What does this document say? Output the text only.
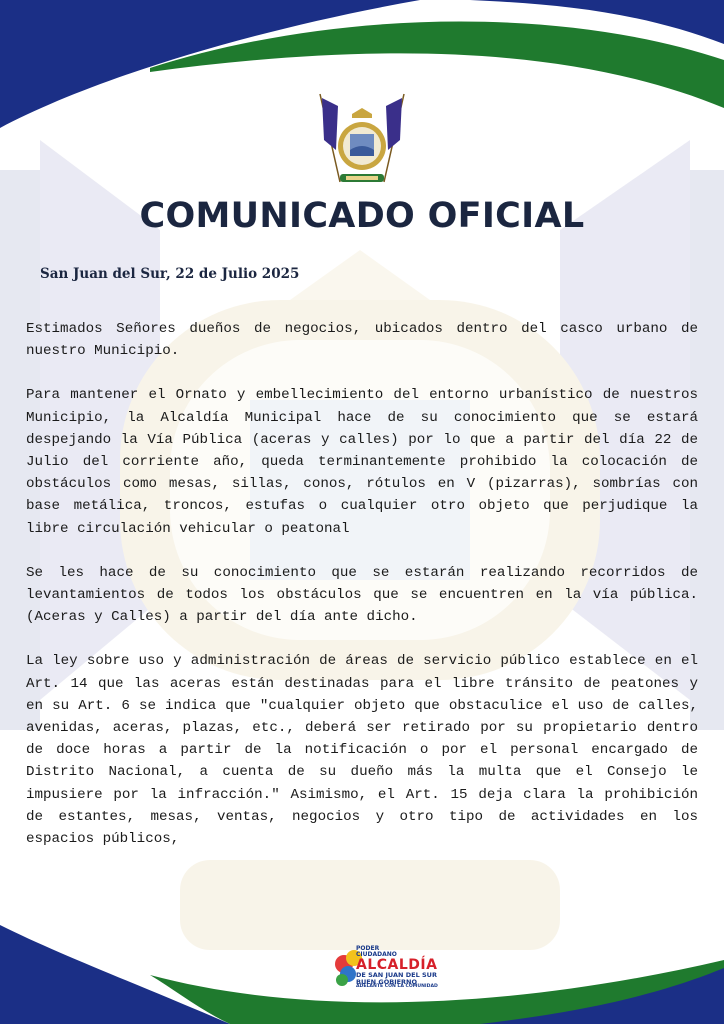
COMUNICADO OFICIAL
San Juan del Sur, 22 de Julio 2025

Estimados Señores dueños de negocios, ubicados dentro del casco urbano de nuestro Municipio.

Para mantener el Ornato y embellecimiento del entorno urbanístico de nuestros Municipio, la Alcaldía Municipal hace de su conocimiento que se estará despejando la Vía Pública (aceras y calles) por lo que a partir del día 22 de Julio del corriente año, queda terminantemente prohibido la colocación de obstáculos como mesas, sillas, conos, rótulos en V (pizarras), sombrías con base metálica, troncos, estufas o cualquier otro objeto que perjudique la libre circulación vehicular o peatonal

Se les hace de su conocimiento que se estarán realizando recorridos de levantamientos de todos los obstáculos que se encuentren en la vía pública. (Aceras y Calles) a partir del día ante dicho.

La ley sobre uso y administración de áreas de servicio público establece en el Art. 14 que las aceras están destinadas para el libre tránsito de peatones y en su Art. 6 se indica que "cualquier objeto que obstaculice el uso de calles, avenidas, aceras, plazas, etc., deberá ser retirado por su propietario dentro de doce horas a partir de la notificación o por el personal encargado de Distrito Nacional, a cuenta de su dueño más la multa que el Consejo le impusiere por la infracción." Asimismo, el Art. 15 deja clara la prohibición de estantes, mesas, ventas, negocios y otro tipo de actividades en los espacios públicos,

PODER
CIUDADANO
ALCALDÍA
DE SAN JUAN DEL SUR
BUEN GOBIERNO
ADELANTE CON LA COMUNIDAD
